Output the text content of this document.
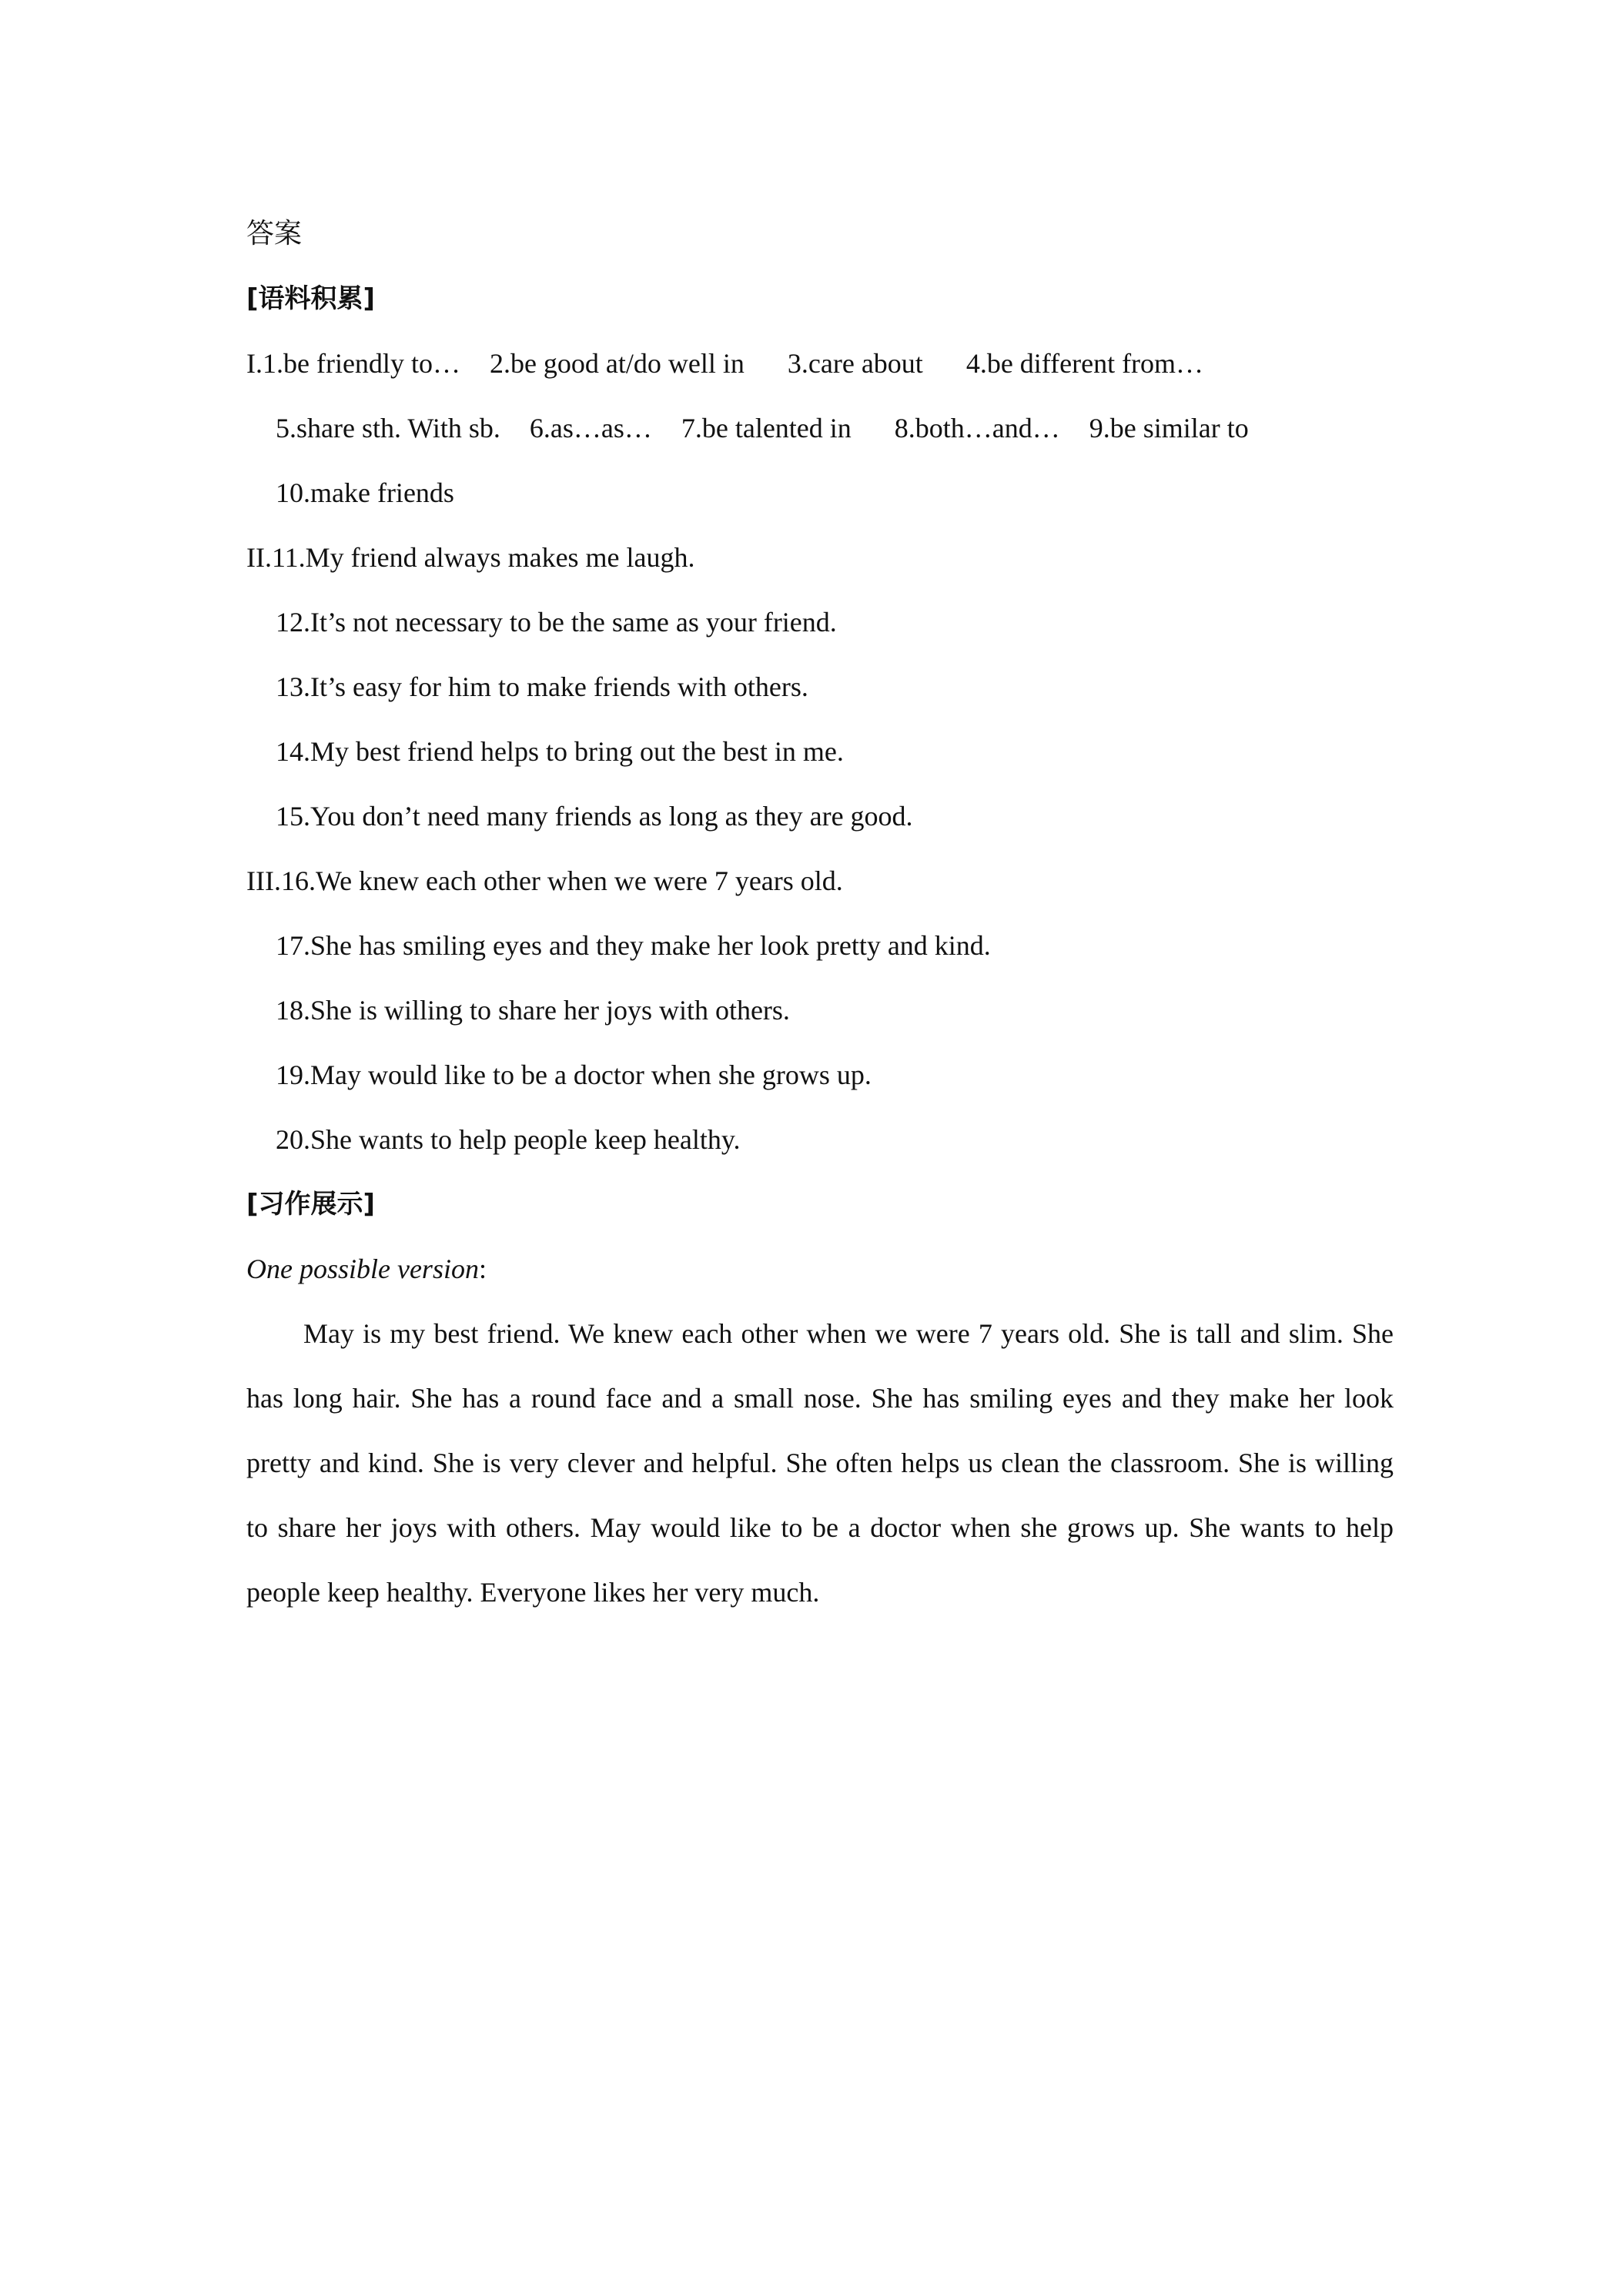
答案
[语料积累]
I.1.be friendly to… 2.be good at/do well in 3.care about 4.be different from…
5.share sth. With sb. 6.as…as… 7.be talented in 8.both…and… 9.be similar to
10.make friends
II.11.My friend always makes me laugh.
12.It’s not necessary to be the same as your friend.
13.It’s easy for him to make friends with others.
14.My best friend helps to bring out the best in me.
15.You don’t need many friends as long as they are good.
III.16.We knew each other when we were 7 years old.
17.She has smiling eyes and they make her look pretty and kind.
18.She is willing to share her joys with others.
19.May would like to be a doctor when she grows up.
20.She wants to help people keep healthy.
[习作展示]
One possible version:

May is my best friend. We knew each other when we were 7 years old. She is tall and slim. She has long hair. She has a round face and a small nose. She has smiling eyes and they make her look pretty and kind. She is very clever and helpful. She often helps us clean the classroom. She is willing to share her joys with others. May would like to be a doctor when she grows up. She wants to help people keep healthy. Everyone likes her very much.
